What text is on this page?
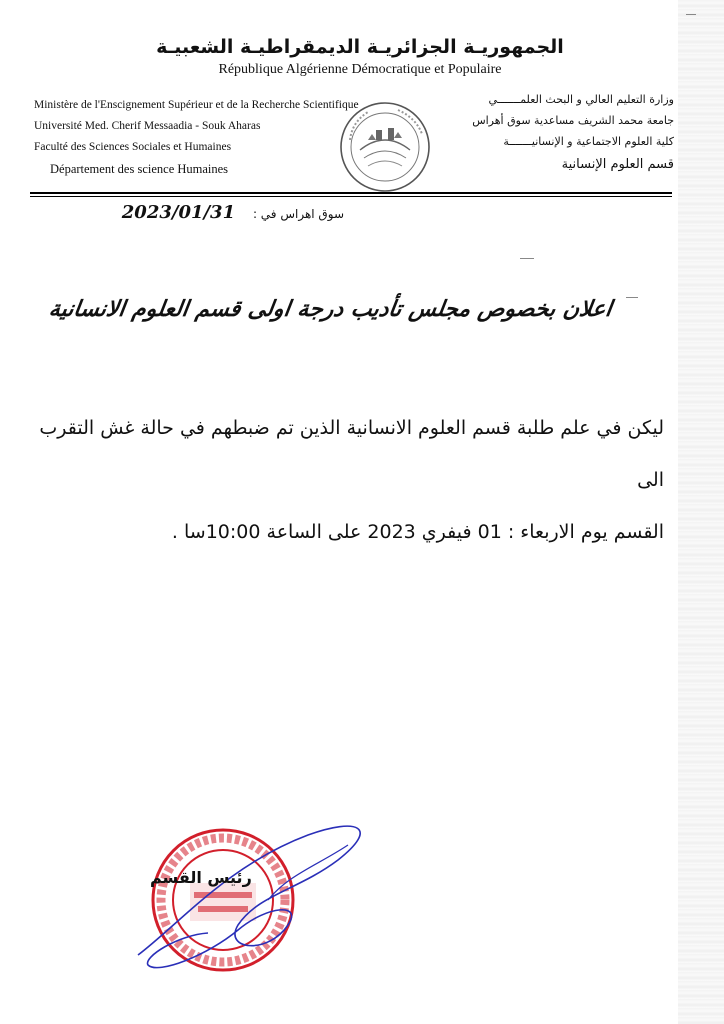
الجمهوريـة الجزائريـة الديمقراطيـة الشعبيـة
République Algérienne Démocratique et Populaire
Ministère de l'Enscignement Supérieur et de la Recherche Scientifique
Université Med. Cherif Messaadia - Souk Aharas
Faculté des Sciences Sociales et Humaines
Département des science Humaines
وزارة التعليم العالي و البحث العلمـــــــي
جامعة محمد الشريف مساعدية سوق أهراس
كلية العلوم الاجتماعية و الإنسانيـــــــة
قسم العلوم الإنسانية
سوق اهراس في : 2023/01/31
اعلان بخصوص مجلس تأديب درجة اولى قسم العلوم الانسانية
ليكن في علم طلبة قسم العلوم الانسانية الذين تم ضبطهم في حالة غش التقرب الى
القسم يوم الاربعاء : 01 فيفري 2023 على الساعة 10:00سا .
رئيس القسم
